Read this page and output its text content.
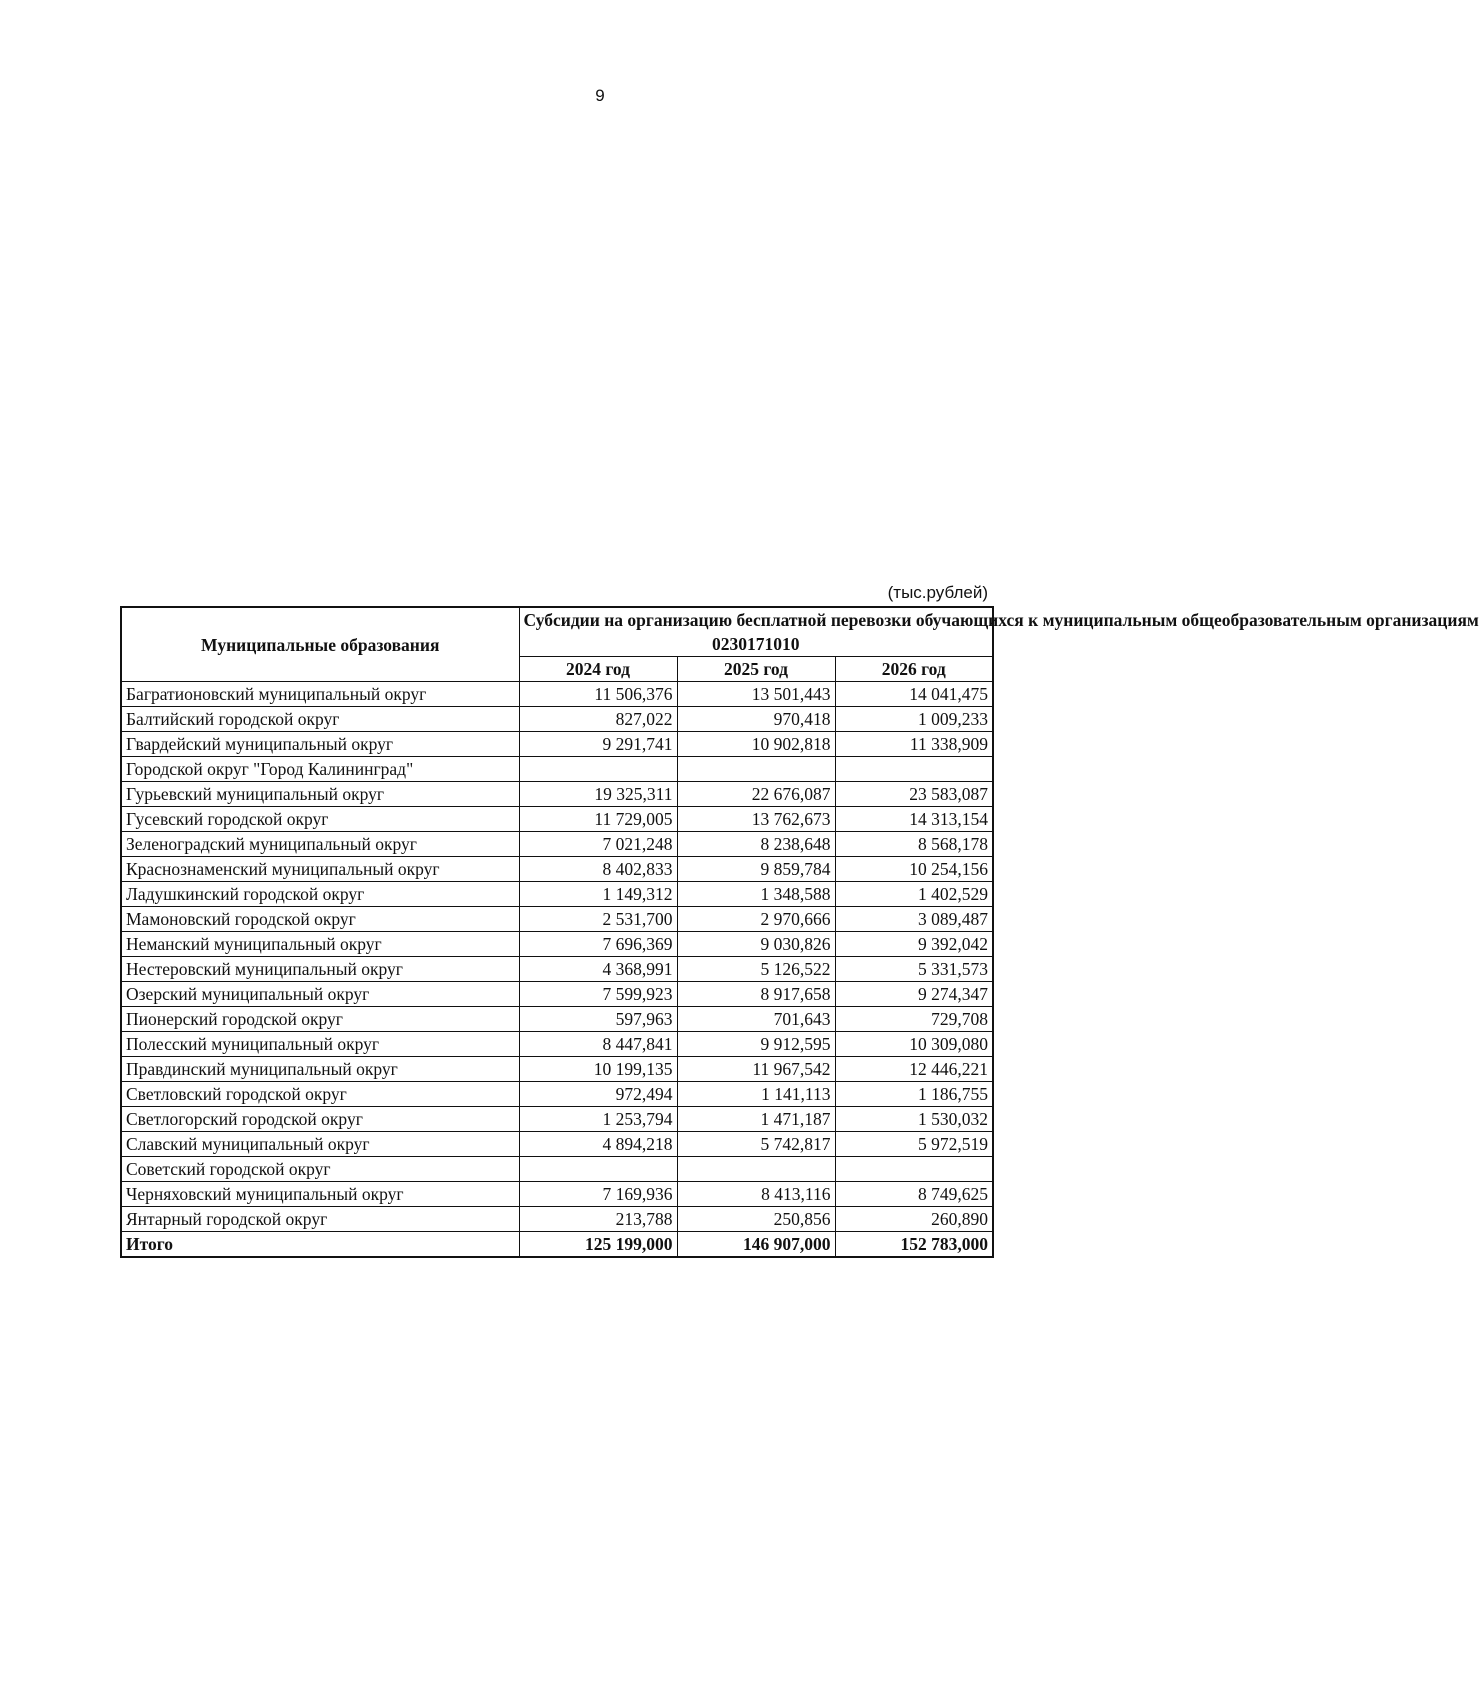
9
(тыс.рублей)
Муниципальные образования	Субсидии на организацию бесплатной перевозки обучающихся к муниципальным общеобразовательным организациям
0230171010		

	2024 год	2025 год	2026 год
Багратионовский муниципальный округ	11 506,376	13 501,443	14 041,475
Балтийский городской округ	827,022	970,418	1 009,233
Гвардейский муниципальный округ	9 291,741	10 902,818	11 338,909
Городской округ "Город Калининград"			
Гурьевский муниципальный округ	19 325,311	22 676,087	23 583,087
Гусевский городской округ	11 729,005	13 762,673	14 313,154
Зеленоградский муниципальный округ	7 021,248	8 238,648	8 568,178
Краснознаменский муниципальный округ	8 402,833	9 859,784	10 254,156
Ладушкинский городской округ	1 149,312	1 348,588	1 402,529
Мамоновский городской округ	2 531,700	2 970,666	3 089,487
Неманский муниципальный округ	7 696,369	9 030,826	9 392,042
Нестеровский муниципальный округ	4 368,991	5 126,522	5 331,573
Озерский муниципальный округ	7 599,923	8 917,658	9 274,347
Пионерский городской округ	597,963	701,643	729,708
Полесский муниципальный округ	8 447,841	9 912,595	10 309,080
Правдинский муниципальный округ	10 199,135	11 967,542	12 446,221
Светловский городской округ	972,494	1 141,113	1 186,755
Светлогорский городской округ	1 253,794	1 471,187	1 530,032
Славский муниципальный округ	4 894,218	5 742,817	5 972,519
Советский городской округ			
Черняховский муниципальный округ	7 169,936	8 413,116	8 749,625
Янтарный городской округ	213,788	250,856	260,890
Итого	125 199,000	146 907,000	152 783,000
